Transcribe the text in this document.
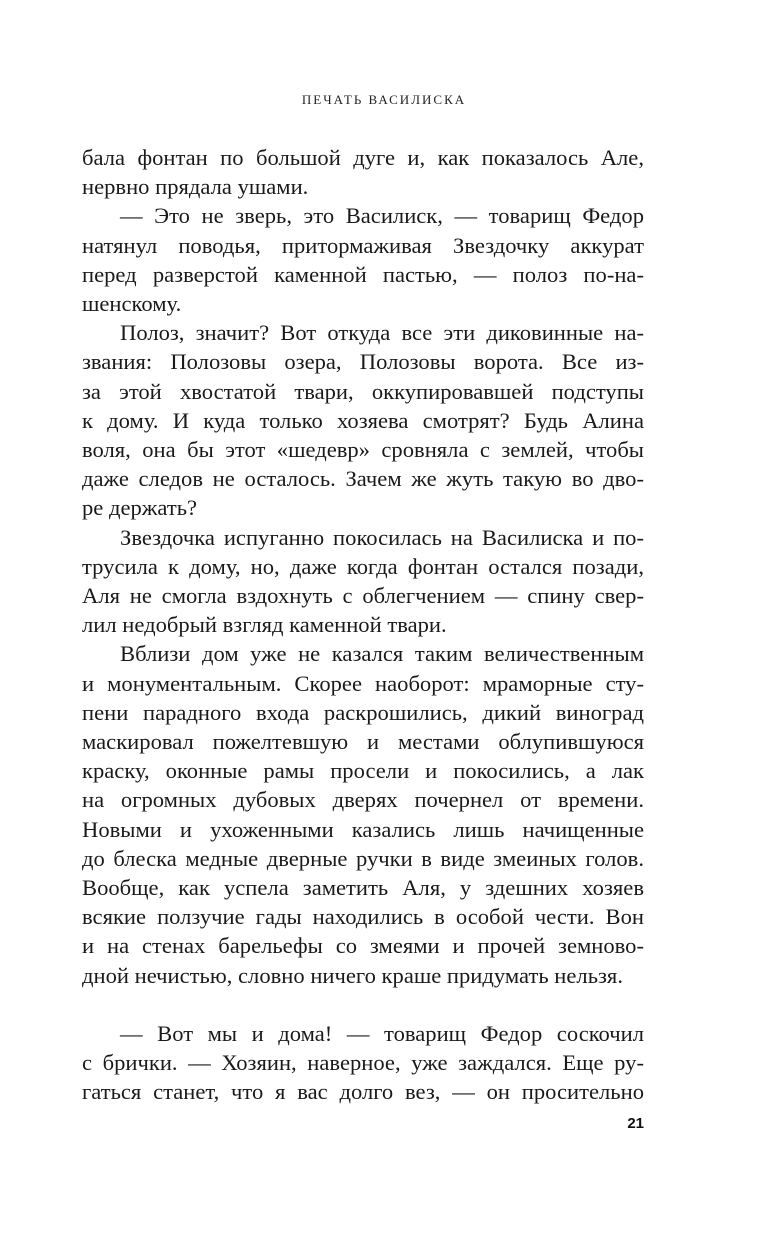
ПЕЧАТЬ ВАСИЛИСКА
бала фонтан по большой дуге и, как показалось Але,
нервно прядала ушами.
— Это не зверь, это Василиск, — товарищ Федор
натянул поводья, притормаживая Звездочку аккурат
перед разверстой каменной пастью, — полоз по-на-
шенскому.
Полоз, значит? Вот откуда все эти диковинные на-
звания: Полозовы озера, Полозовы ворота. Все из-
за этой хвостатой твари, оккупировавшей подступы
к дому. И куда только хозяева смотрят? Будь Алина
воля, она бы этот «шедевр» сровняла с землей, чтобы
даже следов не осталось. Зачем же жуть такую во дво-
ре держать?
Звездочка испуганно покосилась на Василиска и по-
трусила к дому, но, даже когда фонтан остался позади,
Аля не смогла вздохнуть с облегчением — спину свер-
лил недобрый взгляд каменной твари.
Вблизи дом уже не казался таким величественным
и монументальным. Скорее наоборот: мраморные сту-
пени парадного входа раскрошились, дикий виноград
маскировал пожелтевшую и местами облупившуюся
краску, оконные рамы просели и покосились, а лак
на огромных дубовых дверях почернел от времени.
Новыми и ухоженными казались лишь начищенные
до блеска медные дверные ручки в виде змеиных голов.
Вообще, как успела заметить Аля, у здешних хозяев
всякие ползучие гады находились в особой чести. Вон
и на стенах барельефы со змеями и прочей земново-
дной нечистью, словно ничего краше придумать нельзя.
— Вот мы и дома! — товарищ Федор соскочил
с брички. — Хозяин, наверное, уже заждался. Еще ру-
гаться станет, что я вас долго вез, — он просительно
21
